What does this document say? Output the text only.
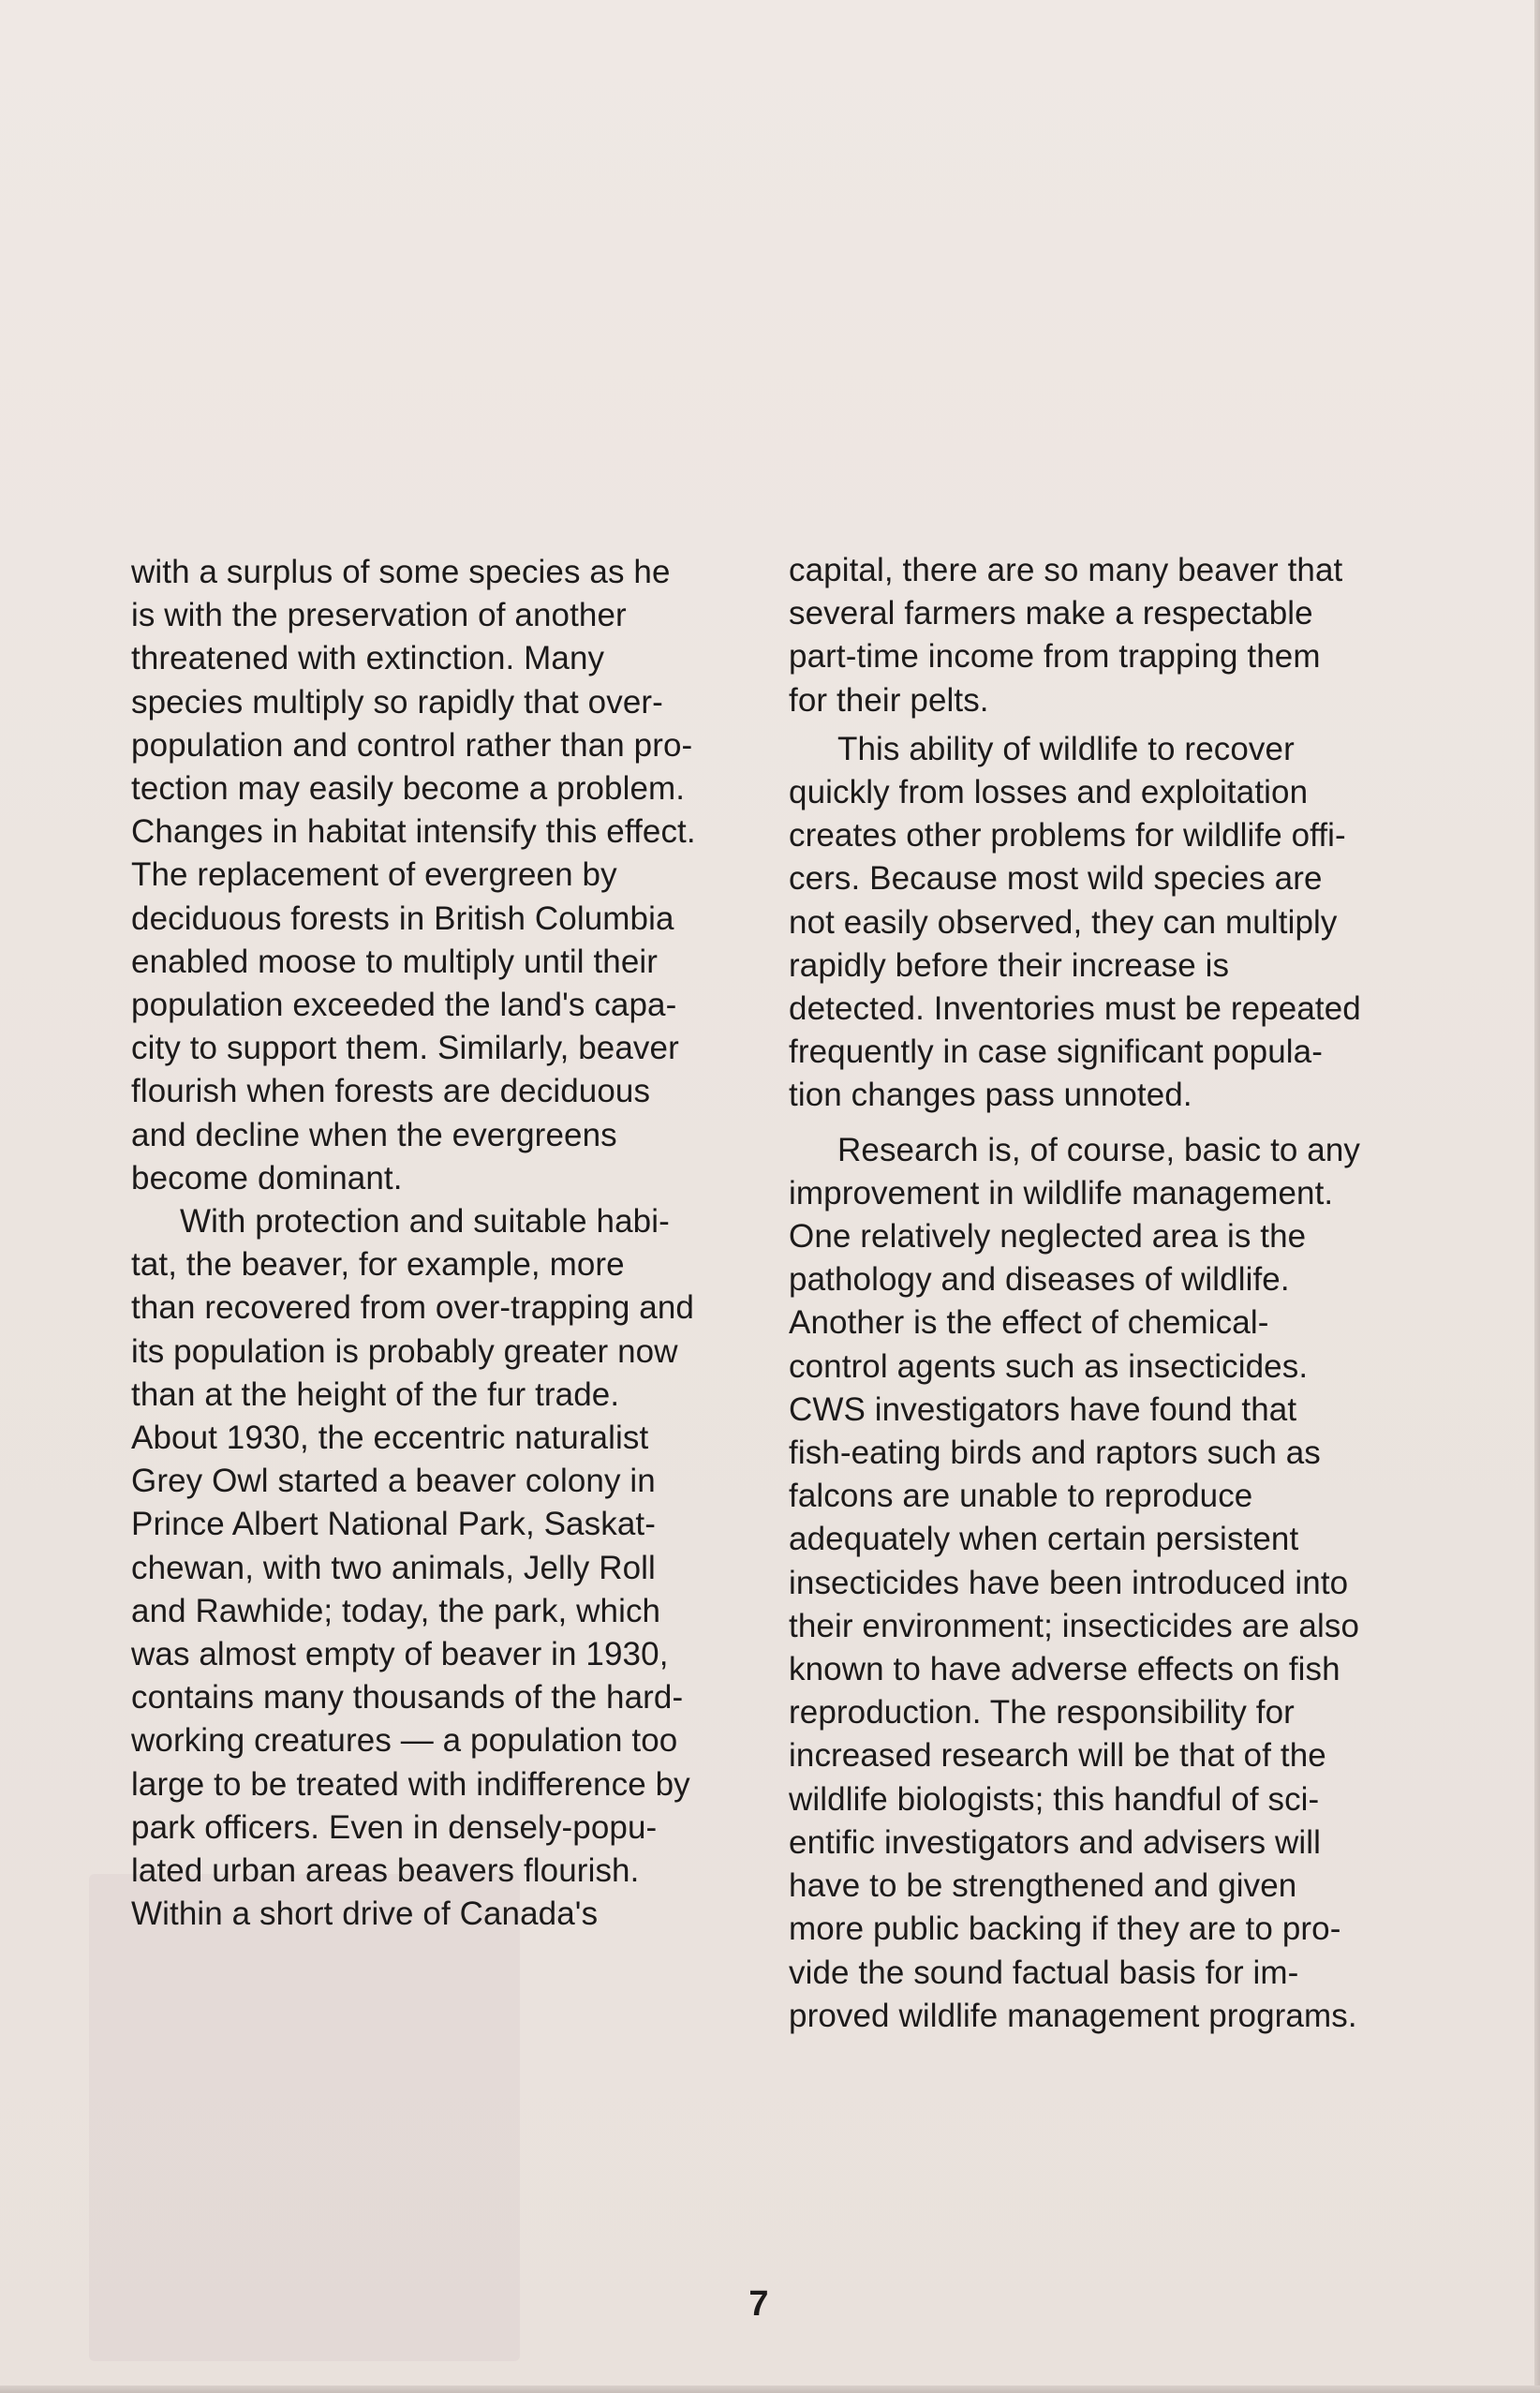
with a surplus of some species as he
is with the preservation of another
threatened with extinction. Many
species multiply so rapidly that over-
population and control rather than pro-
tection may easily become a problem.
Changes in habitat intensify this effect.
The replacement of evergreen by
deciduous forests in British Columbia
enabled moose to multiply until their
population exceeded the land's capa-
city to support them. Similarly, beaver
flourish when forests are deciduous
and decline when the evergreens
become dominant.

With protection and suitable habi-
tat, the beaver, for example, more
than recovered from over-trapping and
its population is probably greater now
than at the height of the fur trade.
About 1930, the eccentric naturalist
Grey Owl started a beaver colony in
Prince Albert National Park, Saskat-
chewan, with two animals, Jelly Roll
and Rawhide; today, the park, which
was almost empty of beaver in 1930,
contains many thousands of the hard-
working creatures — a population too
large to be treated with indifference by
park officers. Even in densely-popu-
lated urban areas beavers flourish.
Within a short drive of Canada's

capital, there are so many beaver that
several farmers make a respectable
part-time income from trapping them
for their pelts.

This ability of wildlife to recover
quickly from losses and exploitation
creates other problems for wildlife offi-
cers. Because most wild species are
not easily observed, they can multiply
rapidly before their increase is
detected. Inventories must be repeated
frequently in case significant popula-
tion changes pass unnoted.

Research is, of course, basic to any
improvement in wildlife management.
One relatively neglected area is the
pathology and diseases of wildlife.
Another is the effect of chemical-
control agents such as insecticides.
CWS investigators have found that
fish-eating birds and raptors such as
falcons are unable to reproduce
adequately when certain persistent
insecticides have been introduced into
their environment; insecticides are also
known to have adverse effects on fish
reproduction. The responsibility for
increased research will be that of the
wildlife biologists; this handful of sci-
entific investigators and advisers will
have to be strengthened and given
more public backing if they are to pro-
vide the sound factual basis for im-
proved wildlife management programs.

7
